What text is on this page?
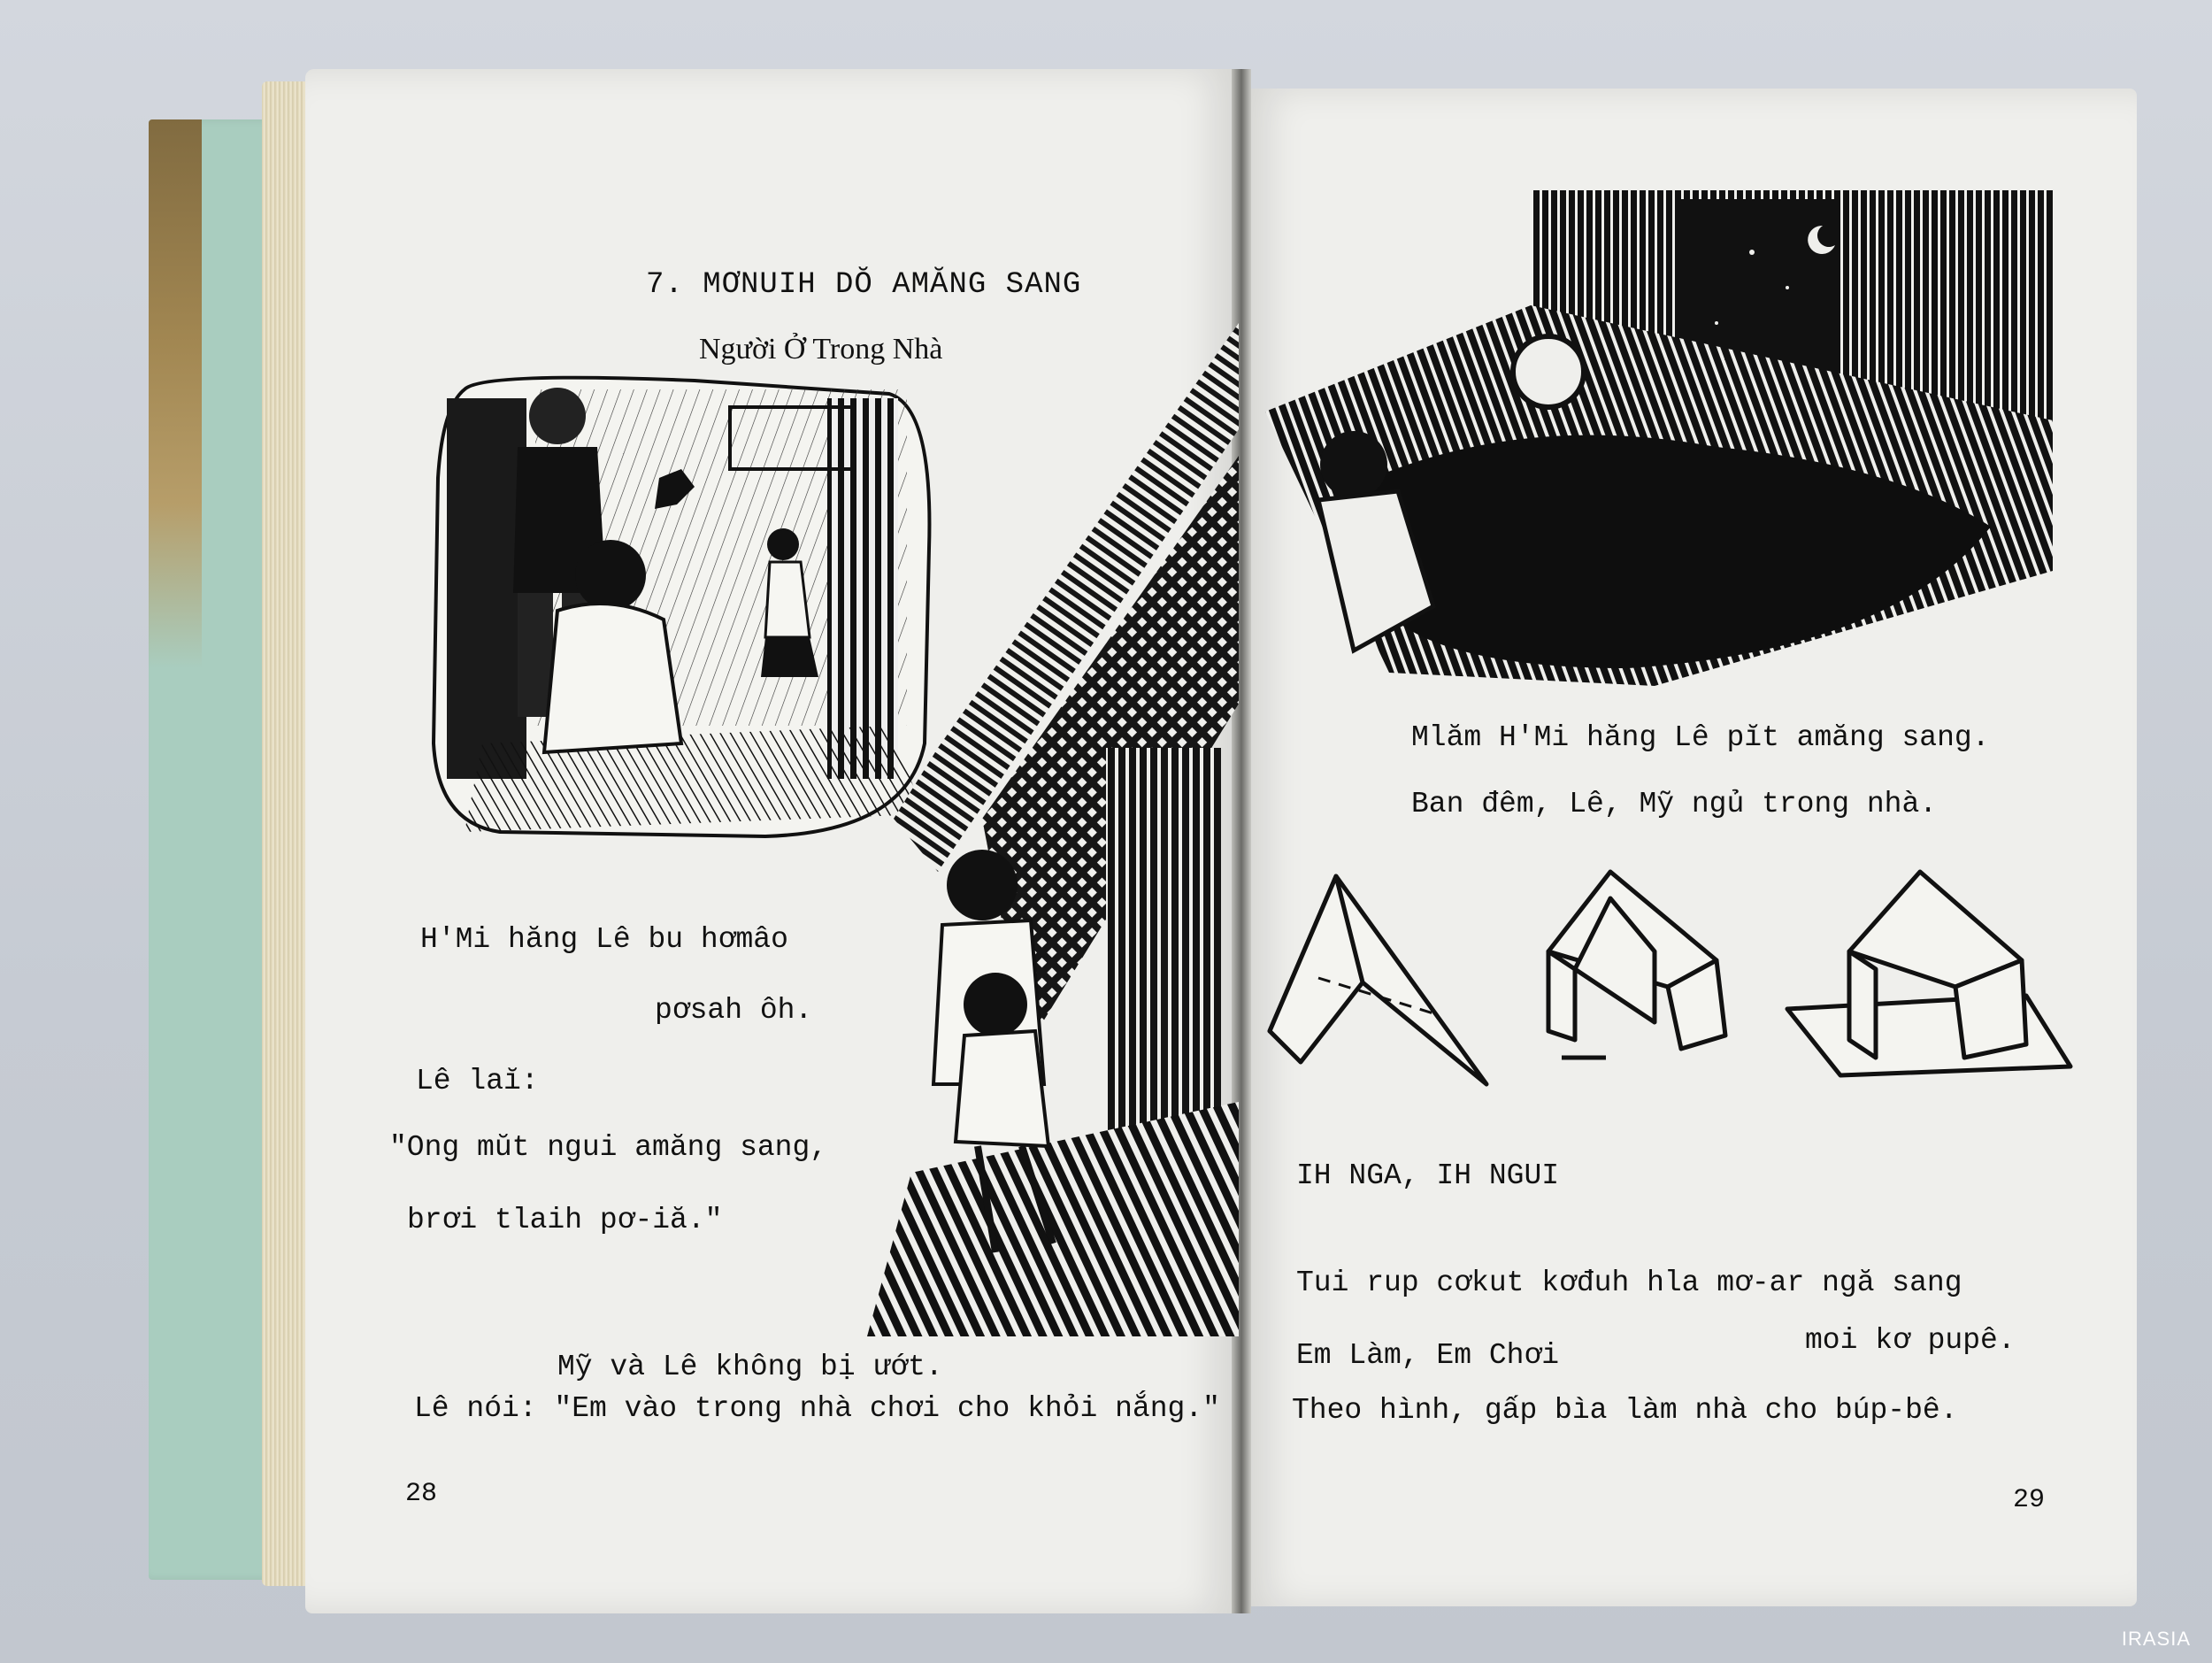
7. MƠNUIH DŎ AMĂNG SANG
Người Ở Trong Nhà
H'Mi hăng Lê bu hơmâo
pơsah ôh.
Lê laĭ:
"Ong mŭt ngui amăng sang,
brơi tlaih pơ-iă."
Mỹ và Lê không bị ướt.
Lê nói: "Em vào trong nhà chơi cho khỏi nắng."
28
Mlăm H'Mi hăng Lê pĭt amăng sang.
Ban đêm, Lê, Mỹ ngủ trong nhà.
IH NGA, IH NGUI
Tui rup cơkut kơđuh hla mơ-ar ngă sang
moi kơ pupê.
Em Làm, Em Chơi
Theo hình, gấp bìa làm nhà cho búp-bê.
29
IRASIA
